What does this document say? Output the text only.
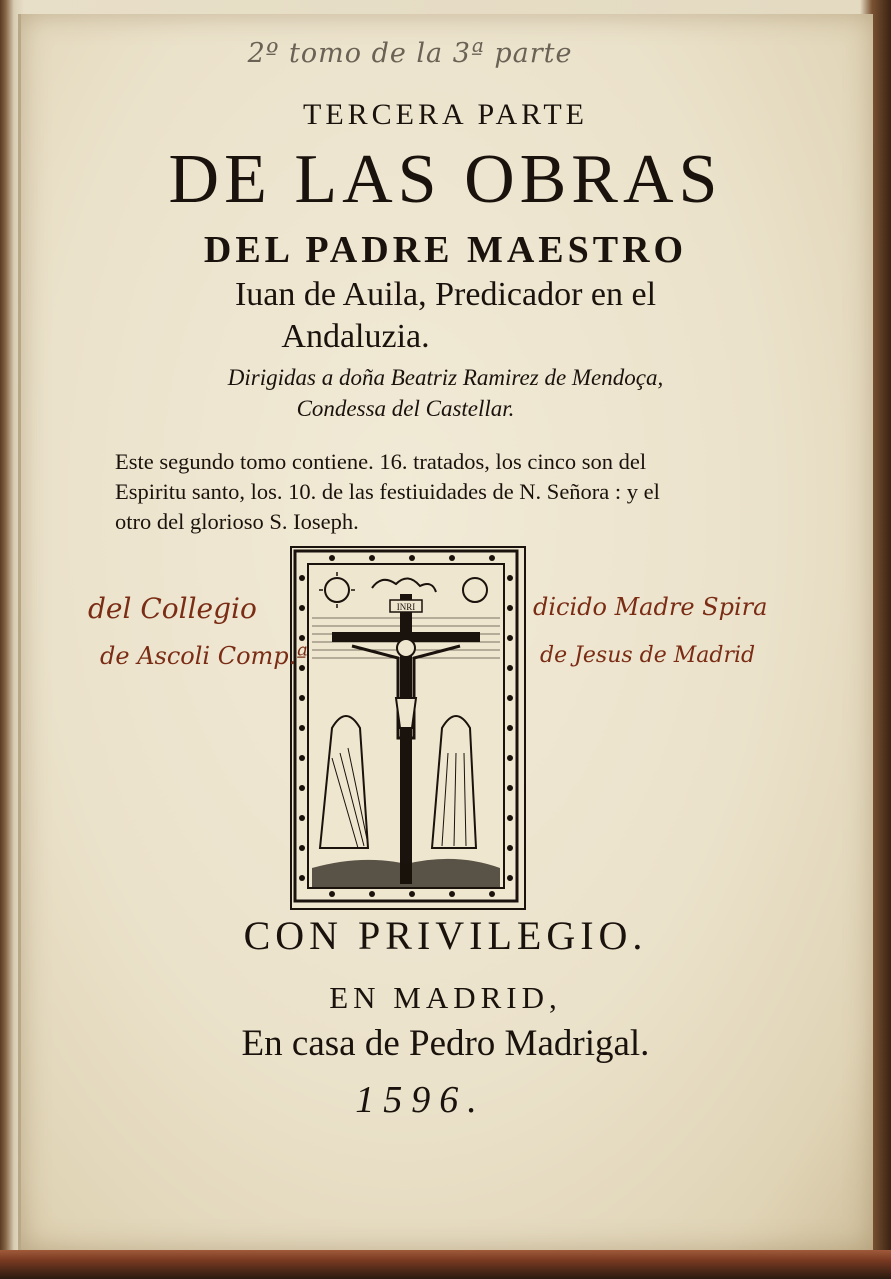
2º tomo de la 3ª parte
TERCERA PARTE
DE LAS OBRAS
DEL PADRE MAESTRO
Iuan de Auila, Predicador en el
Andaluzia.
Dirigidas a doña Beatriz Ramirez de Mendoça,
Condessa del Castellar.
Este segundo tomo contiene. 16. tratados, los cinco son del
Espiritu santo, los. 10. de las festiuidades de N. Señora : y el
otro del glorioso S. Ioseph.
INRI
del Collegio
de Ascoli Comp.ª
dicido Madre Spira
de Jesus de Madrid
CON PRIVILEGIO.
EN MADRID,
En casa de Pedro Madrigal.
1596.
